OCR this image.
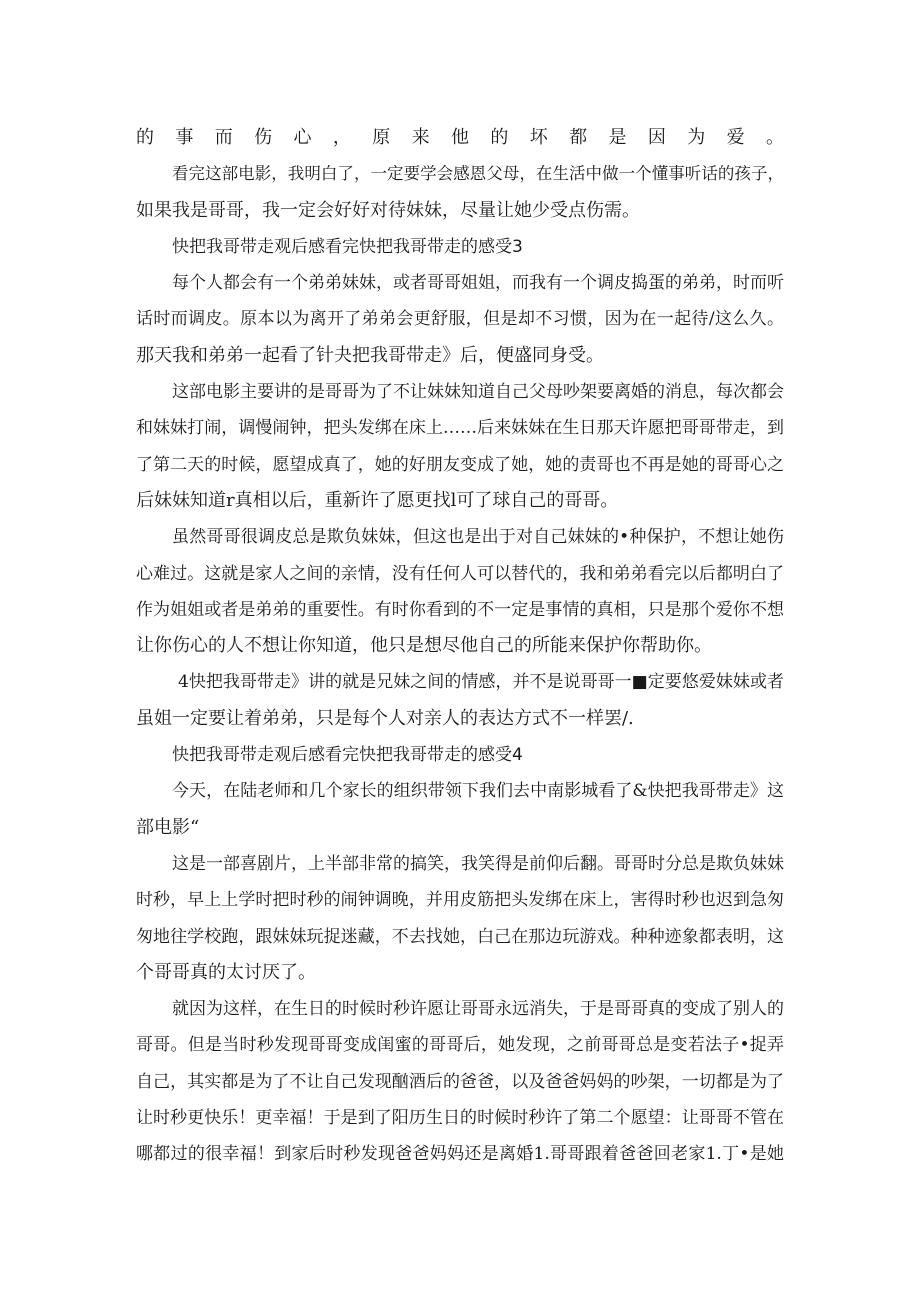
的事而伤心，原来他的坏都是因为爱。
看完这部电影，我明白了，一定要学会感恩父母，在生活中做一个懂事听话的孩子，
如果我是哥哥，我一定会好好对待妹妹，尽量让她少受点伤需。
快把我哥带走观后感看完快把我哥带走的感受3
每个人都会有一个弟弟妹妹，或者哥哥姐姐，而我有一个调皮捣蛋的弟弟，时而听
话时而调皮。原本以为离开了弟弟会更舒服，但是却不习惯，因为在一起待/这么久。
那天我和弟弟一起看了针夬把我哥带走》后，便盛同身受。
这部电影主要讲的是哥哥为了不让妹妹知道自己父母吵架要离婚的消息，每次都会
和妹妹打闹，调慢闹钟，把头发绑在床上……后来妹妹在生日那天许愿把哥哥带走，到
了第二天的时候，愿望成真了，她的好朋友变成了她，她的责哥也不再是她的哥哥心之
后妹妹知道r真相以后，重新许了愿更找l可了球自己的哥哥。
虽然哥哥很调皮总是欺负妹妹，但这也是出于对自己妹妹的•种保护，不想让她伤
心难过。这就是家人之间的亲情，没有任何人可以替代的，我和弟弟看完以后都明白了
作为姐姐或者是弟弟的重要性。有时你看到的不一定是事情的真相，只是那个爱你不想
让你伤心的人不想让你知道，他只是想尽他自己的所能来保护你帮助你。
4快把我哥带走》讲的就是兄妹之间的情感，并不是说哥哥一■定要悠爱妹妹或者
虽姐一定要让着弟弟，只是每个人对亲人的表达方式不一样罢/.
快把我哥带走观后感看完快把我哥带走的感受4
今天，在陆老师和几个家长的组织带领下我们去中南影城看了&快把我哥带走》这
部电影“
这是一部喜剧片，上半部非常的搞笑，我笑得是前仰后翻。哥哥时分总是欺负妹妹
时秒，早上上学时把时秒的闹钟调晚，并用皮筋把头发绑在床上，害得时秒也迟到急匆
匆地往学校跑，跟妹妹玩捉迷藏，不去找她，白己在那边玩游戏。种种迹象都表明，这
个哥哥真的太讨厌了。
就因为这样，在生日的时候时秒许愿让哥哥永远消失，于是哥哥真的变成了别人的
哥哥。但是当时秒发现哥哥变成闺蜜的哥哥后，她发现，之前哥哥总是变若法子•捉弄
自己，其实都是为了不让自己发现酗酒后的爸爸，以及爸爸妈妈的吵架，一切都是为了
让时秒更快乐！更幸福！于是到了阳历生日的时候时秒许了第二个愿望：让哥哥不管在
哪都过的很幸福！到家后时秒发现爸爸妈妈还是离婚1.哥哥跟着爸爸回老家1.丁•是她
